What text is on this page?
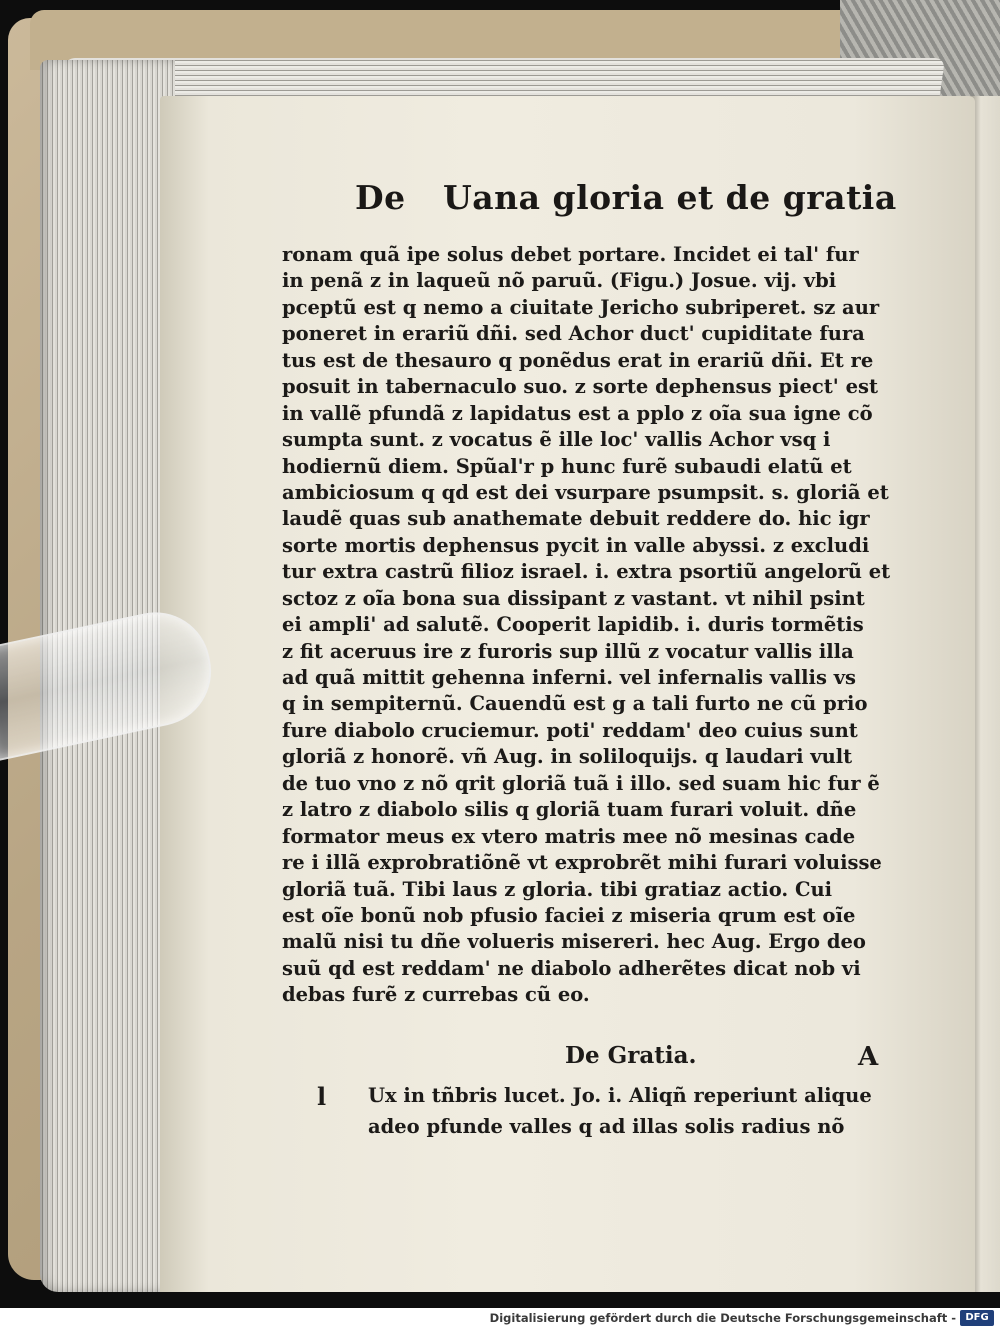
De Uana gloria et de gratia
ronam quã ipe solus debet portare. Incidet ei tal' fur
in penã z in laqueũ nõ paruũ. (Figu.) Josue. vij. vbi
pceptũ est q nemo a ciuitate Jericho subriperet. sz aur
poneret in erariũ dñi. sed Achor duct' cupiditate fura
tus est de thesauro q ponẽdus erat in erariũ dñi. Et re
posuit in tabernaculo suo. z sorte dephensus piect' est
in vallẽ pfundã z lapidatus est a pplo z oĩa sua igne cõ
sumpta sunt. z vocatus ẽ ille loc' vallis Achor vsq i
hodiernũ diem. Spũal'r p hunc furẽ subaudi elatũ et
ambiciosum q qd est dei vsurpare psumpsit. s. gloriã et
laudẽ quas sub anathemate debuit reddere do. hic igr
sorte mortis dephensus pycit in valle abyssi. z excludi
tur extra castrũ filioz israel. i. extra psortiũ angelorũ et
sctoz z oĩa bona sua dissipant z vastant. vt nihil psint
ei ampli' ad salutẽ. Cooperit lapidib. i. duris tormẽtis
z fit aceruus ire z furoris sup illũ z vocatur vallis illa
ad quã mittit gehenna inferni. vel infernalis vallis vs
q in sempiternũ. Cauendũ est g a tali furto ne cũ prio
fure diabolo cruciemur. poti' reddam' deo cuius sunt
gloriã z honorẽ. vñ Aug. in soliloquijs. q laudari vult
de tuo vno z nõ qrit gloriã tuã i illo. sed suam hic fur ẽ
z latro z diabolo silis q gloriã tuam furari voluit. dñe
formator meus ex vtero matris mee nõ mesinas cade
re i illã exprobratiõnẽ vt exprobrẽt mihi furari voluisse
gloriã tuã. Tibi laus z gloria. tibi gratiaz actio. Cui
est oĩe bonũ nob pfusio faciei z miseria qrum est oĩe
malũ nisi tu dñe volueris misereri. hec Aug. Ergo deo
suũ qd est reddam' ne diabolo adherẽtes dicat nob vi
debas furẽ z currebas cũ eo.
De Gratia.	A
l Ux in tñbris lucet. Jo. i. Aliqñ reperiunt alique
adeo pfunde valles q ad illas solis radius nõ
Digitalisierung gefördert durch die Deutsche Forschungsgemeinschaft - DFG
